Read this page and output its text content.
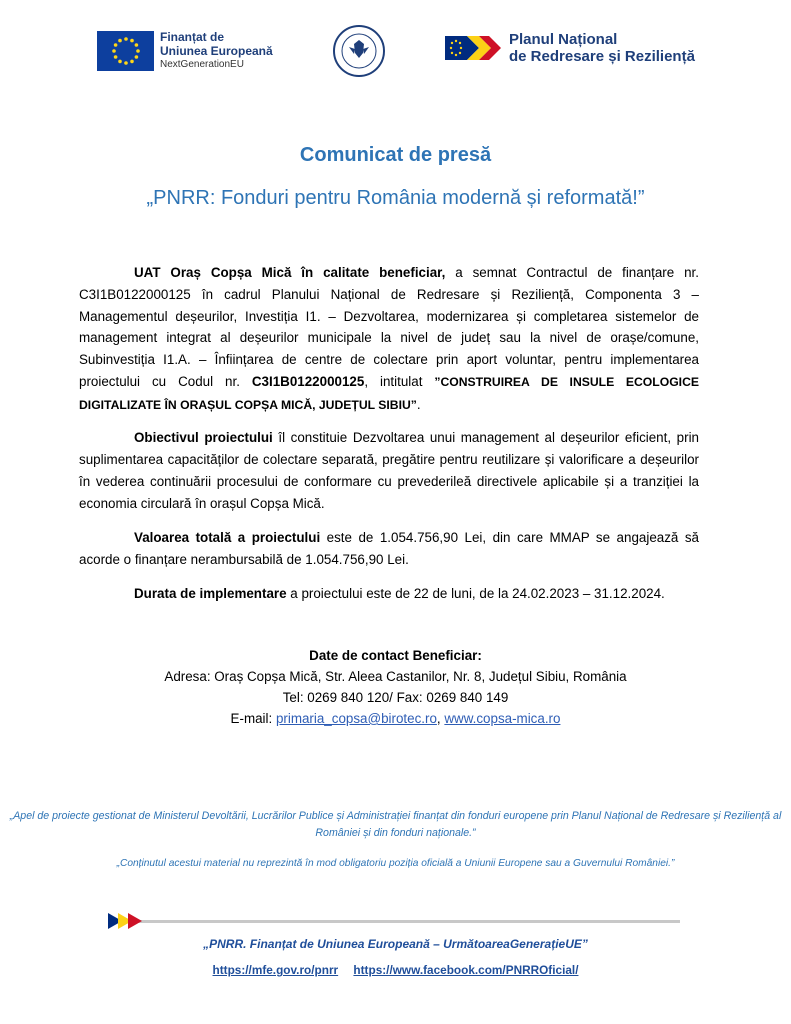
Finanțat de
Uniunea Europeană
NextGenerationEU
Planul Național
de Redresare și Reziliență
Comunicat de presă
„PNRR: Fonduri pentru România modernă și reformată!”

UAT Oraș Copșa Mică în calitate beneficiar, a semnat Contractul de finanțare nr. C3I1B0122000125 în cadrul Planului Național de Redresare și Reziliență, Componenta 3 – Managementul deșeurilor, Investiția I1. – Dezvoltarea, modernizarea și completarea sistemelor de management integrat al deșeurilor municipale la nivel de județ sau la nivel de orașe/comune, Subinvestiția I1.A. – Înființarea de centre de colectare prin aport voluntar, pentru implementarea proiectului cu Codul nr. C3I1B0122000125, intitulat ”CONSTRUIREA DE INSULE ECOLOGICE DIGITALIZATE ÎN ORAȘUL COPȘA MICĂ, JUDEȚUL SIBIU”.

Obiectivul proiectului îl constituie Dezvoltarea unui management al deșeurilor eficient, prin suplimentarea capacităților de colectare separată, pregătire pentru reutilizare și valorificare a deșeurilor în vederea continuării procesului de conformare cu prevederileă directivele aplicabile și a tranziției la economia circulară în orașul Copșa Mică.

Valoarea totală a proiectului este de 1.054.756,90 Lei, din care MMAP se angajează să acorde o finanțare nerambursabilă de 1.054.756,90 Lei.

Durata de implementare a proiectului este de 22 de luni, de la 24.02.2023 – 31.12.2024.

Date de contact Beneficiar:
Adresa: Oraș Copșa Mică, Str. Aleea Castanilor, Nr. 8, Județul Sibiu, România
Tel: 0269 840 120/ Fax: 0269 840 149
E-mail: primaria_copsa@birotec.ro, www.copsa-mica.ro
„Apel de proiecte gestionat de Ministerul Devoltării, Lucrărilor Publice și Administrației finanțat din fonduri europene prin Planul Național de Redresare și Reziliență al României și din fonduri naționale.”
„Conținutul acestui material nu reprezintă în mod obligatoriu poziția oficială a Uniunii Europene sau a Guvernului României.”
„PNRR. Finanțat de Uniunea Europeană – UrmătoareaGenerațieUE”
https://mfe.gov.ro/pnrr https://www.facebook.com/PNRROficial/
